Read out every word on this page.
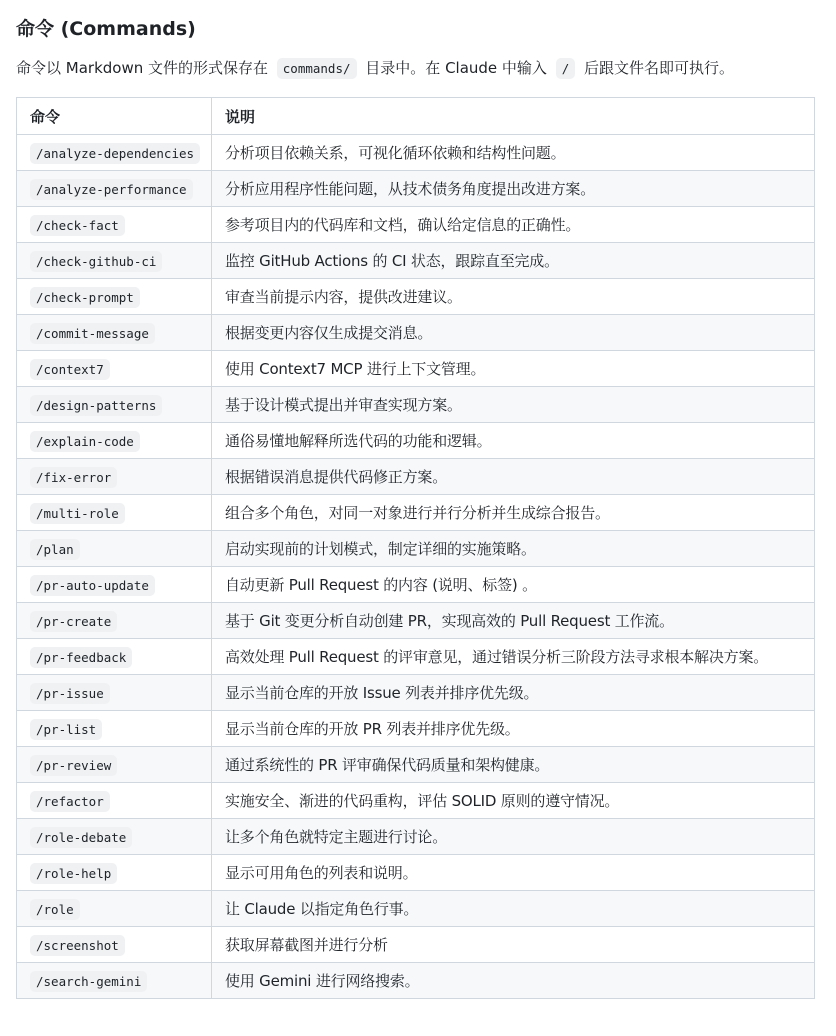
命令 (Commands)
命令以 Markdown 文件的形式保存在 commands/ 目录中。在 Claude 中输入 / 后跟文件名即可执行。
命令	说明
/analyze-dependencies	分析项目依赖关系，可视化循环依赖和结构性问题。
/analyze-performance	分析应用程序性能问题，从技术债务角度提出改进方案。
/check-fact	参考项目内的代码库和文档，确认给定信息的正确性。
/check-github-ci	监控 GitHub Actions 的 CI 状态，跟踪直至完成。
/check-prompt	审查当前提示内容，提供改进建议。
/commit-message	根据变更内容仅生成提交消息。
/context7	使用 Context7 MCP 进行上下文管理。
/design-patterns	基于设计模式提出并审查实现方案。
/explain-code	通俗易懂地解释所选代码的功能和逻辑。
/fix-error	根据错误消息提供代码修正方案。
/multi-role	组合多个角色，对同一对象进行并行分析并生成综合报告。
/plan	启动实现前的计划模式，制定详细的实施策略。
/pr-auto-update	自动更新 Pull Request 的内容 (说明、标签) 。
/pr-create	基于 Git 变更分析自动创建 PR，实现高效的 Pull Request 工作流。
/pr-feedback	高效处理 Pull Request 的评审意见，通过错误分析三阶段方法寻求根本解决方案。
/pr-issue	显示当前仓库的开放 Issue 列表并排序优先级。
/pr-list	显示当前仓库的开放 PR 列表并排序优先级。
/pr-review	通过系统性的 PR 评审确保代码质量和架构健康。
/refactor	实施安全、渐进的代码重构，评估 SOLID 原则的遵守情况。
/role-debate	让多个角色就特定主题进行讨论。
/role-help	显示可用角色的列表和说明。
/role	让 Claude 以指定角色行事。
/screenshot	获取屏幕截图并进行分析
/search-gemini	使用 Gemini 进行网络搜索。
